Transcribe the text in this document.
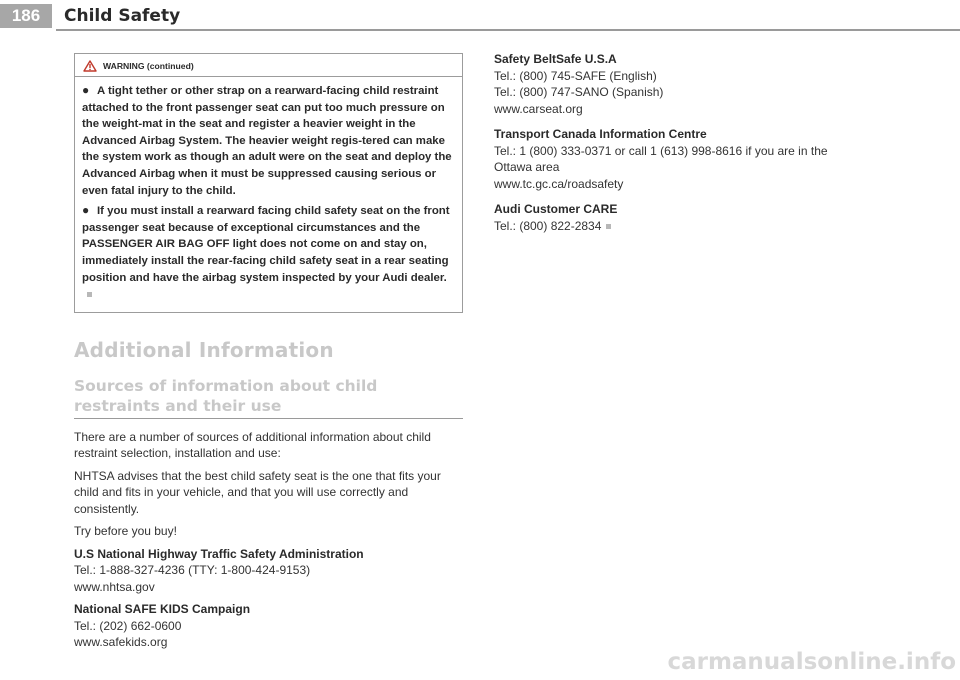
186	Child Safety
WARNING (continued)

● A tight tether or other strap on a rearward-facing child restraint attached to the front passenger seat can put too much pressure on the weight-mat in the seat and register a heavier weight in the Advanced Airbag System. The heavier weight regis-tered can make the system work as though an adult were on the seat and deploy the Advanced Airbag when it must be suppressed causing serious or even fatal injury to the child.

● If you must install a rearward facing child safety seat on the front passenger seat because of exceptional circumstances and the PASSENGER AIR BAG OFF light does not come on and stay on, immediately install the rear-facing child safety seat in a rear seating position and have the airbag system inspected by your Audi dealer.

Additional Information
Sources of information about child restraints and their use

There are a number of sources of additional information about child restraint selection, installation and use:

NHTSA advises that the best child safety seat is the one that fits your child and fits in your vehicle, and that you will use correctly and consistently.

Try before you buy!

U.S National Highway Traffic Safety Administration

Tel.: 1-888-327-4236 (TTY: 1-800-424-9153)

www.nhtsa.gov

National SAFE KIDS Campaign

Tel.: (202) 662-0600

www.safekids.org

Safety BeltSafe U.S.A

Tel.: (800) 745-SAFE (English)

Tel.: (800) 747-SANO (Spanish)

www.carseat.org

Transport Canada Information Centre

Tel.: 1 (800) 333-0371 or call 1 (613) 998-8616 if you are in the

Ottawa area

www.tc.gc.ca/roadsafety

Audi Customer CARE

Tel.: (800) 822-2834

carmanualsonline.info
